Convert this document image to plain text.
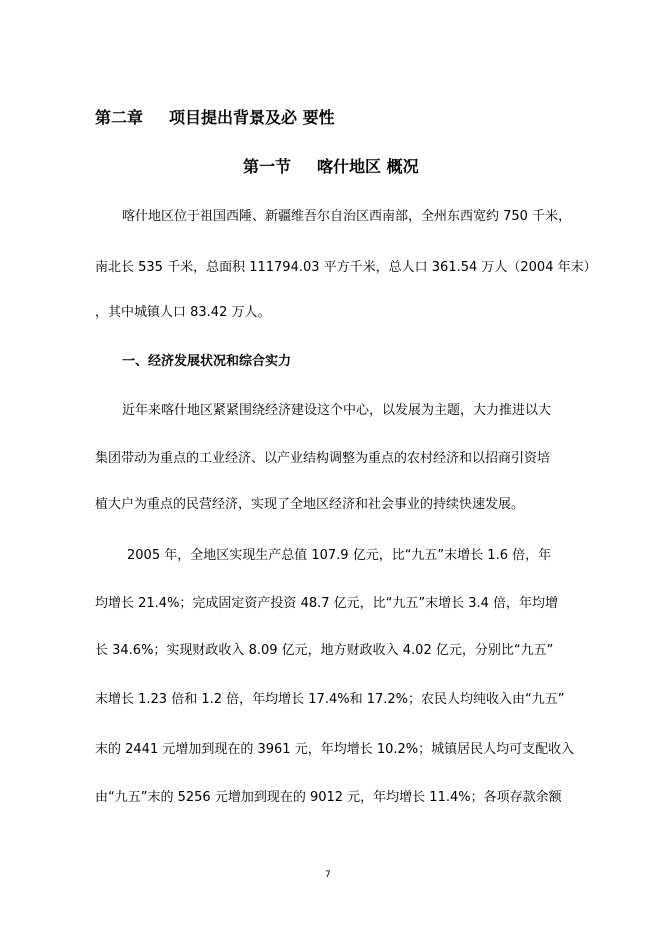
第二章 项目提出背景及必 要性
第一节 喀什地区 概况
喀什地区位于祖国西陲、新疆维吾尔自治区西南部，全州东西宽约 750 千米，
南北长 535 千米，总面积 111794.03 平方千米，总人口 361.54 万人（2004 年末）
，其中城镇人口 83.42 万人。
一、经济发展状况和综合实力
近年来喀什地区紧紧围绕经济建设这个中心，以发展为主题，大力推进以大
集团带动为重点的工业经济、以产业结构调整为重点的农村经济和以招商引资培
植大户为重点的民营经济，实现了全地区经济和社会事业的持续快速发展。
2005 年，全地区实现生产总值 107.9 亿元，比“九五”末增长 1.6 倍，年
均增长 21.4%；完成固定资产投资 48.7 亿元，比“九五”末增长 3.4 倍，年均增
长 34.6%；实现财政收入 8.09 亿元，地方财政收入 4.02 亿元，分别比“九五”
末增长 1.23 倍和 1.2 倍，年均增长 17.4%和 17.2%；农民人均纯收入由“九五”
末的 2441 元增加到现在的 3961 元，年均增长 10.2%；城镇居民人均可支配收入
由“九五”末的 5256 元增加到现在的 9012 元，年均增长 11.4%；各项存款余额
7
